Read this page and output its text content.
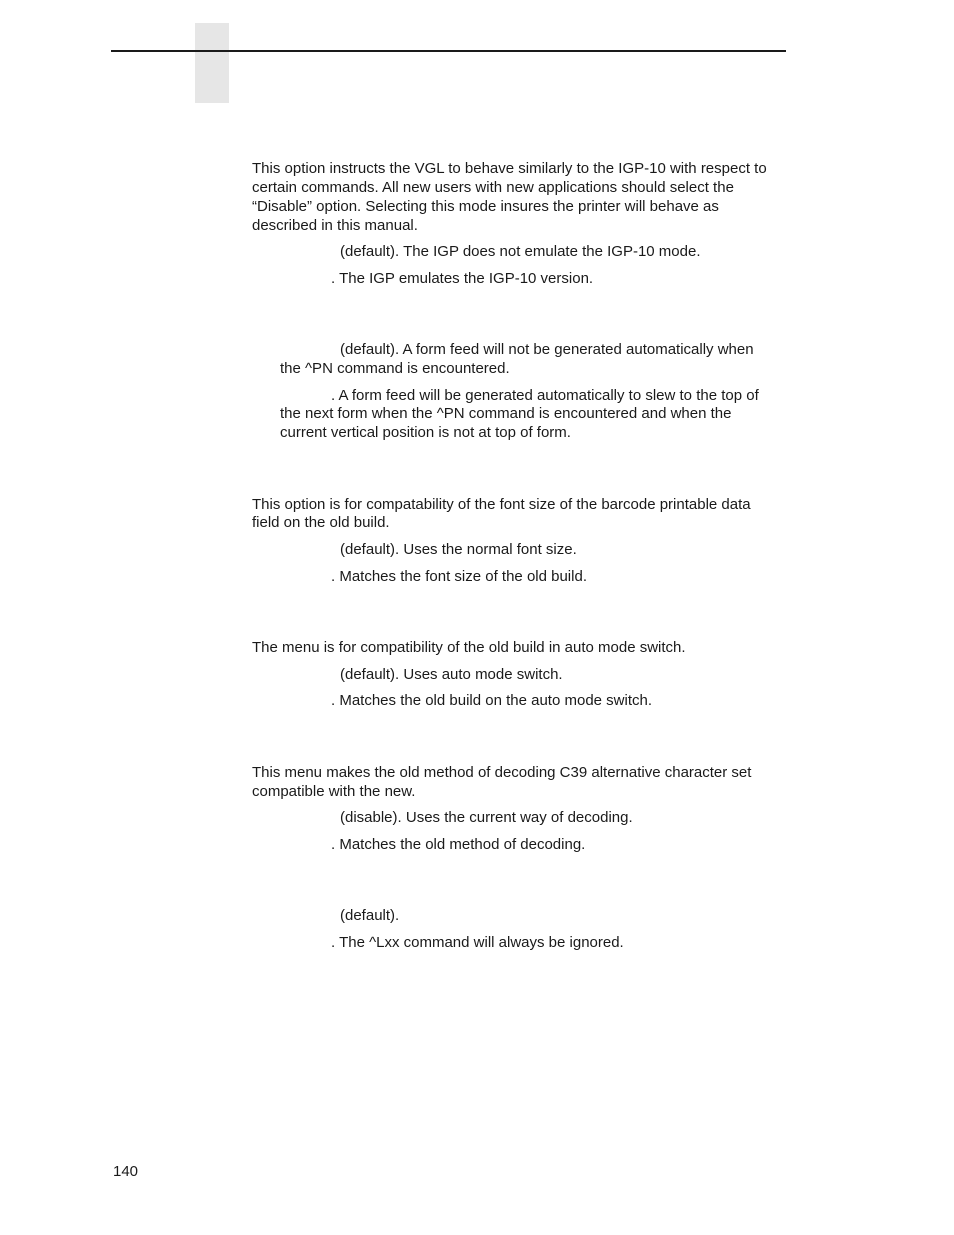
This option instructs the VGL to behave similarly to the IGP-10 with respect to

certain commands. All new users with new applications should select the

“Disable” option. Selecting this mode insures the printer will behave as

described in this manual.

(default). The IGP does not emulate the IGP-10 mode.

. The IGP emulates the IGP-10 version.

(default). A form feed will not be generated automatically when

the ^PN command is encountered.

. A form feed will be generated automatically to slew to the top of

the next form when the ^PN command is encountered and when the

current vertical position is not at top of form.

This option is for compatability of the font size of the barcode printable data

field on the old build.

(default). Uses the normal font size.

. Matches the font size of the old build.

The menu is for compatibility of the old build in auto mode switch.

(default). Uses auto mode switch.

. Matches the old build on the auto mode switch.

This menu makes the old method of decoding C39 alternative character set

compatible with the new.

(disable). Uses the current way of decoding.

. Matches the old method of decoding.

(default).

. The ^Lxx command will always be ignored.

140
